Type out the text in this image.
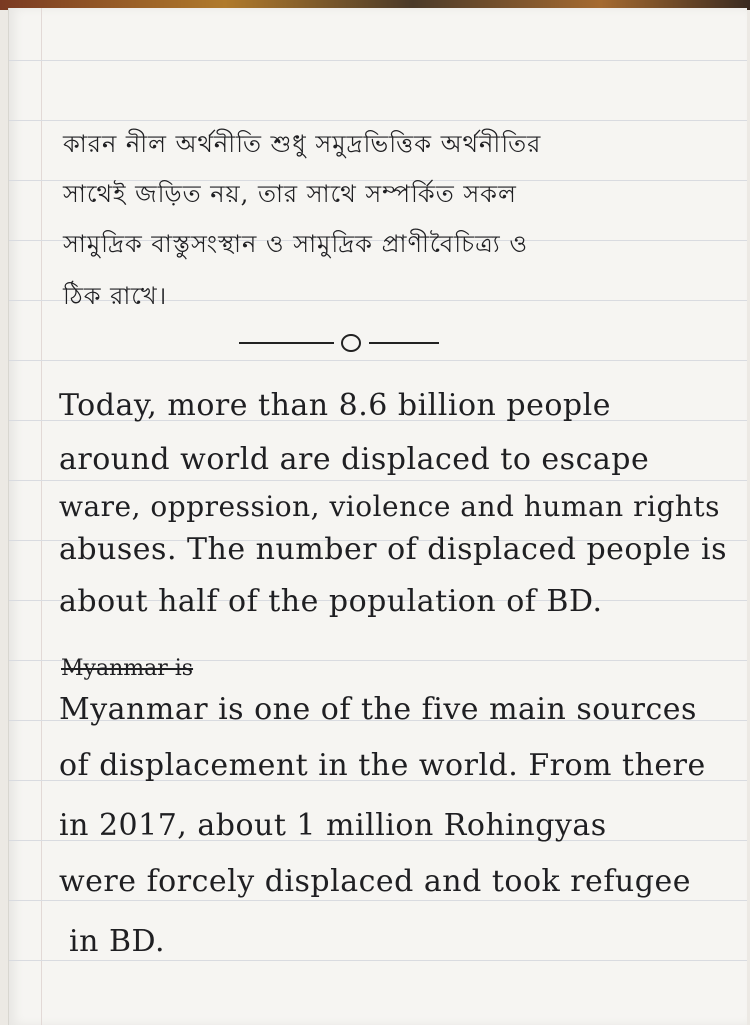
কারন নীল অর্থনীতি শুধু সমুদ্রভিত্তিক অর্থনীতির
সাথেই জড়িত নয়, তার সাথে সম্পর্কিত সকল
সামুদ্রিক বাস্তুসংস্থান ও সামুদ্রিক প্রাণীবৈচিত্র্য ও
ঠিক রাখে।
Today, more than 8.6 billion people
around world are displaced to escape
ware, oppression, violence and human rights
abuses. The number of displaced people is
about half of the population of BD.
Myanmar is
Myanmar is one of the five main sources
of displacement in the world. From there
in 2017, about 1 million Rohingyas
were forcely displaced and took refugee
in BD.
